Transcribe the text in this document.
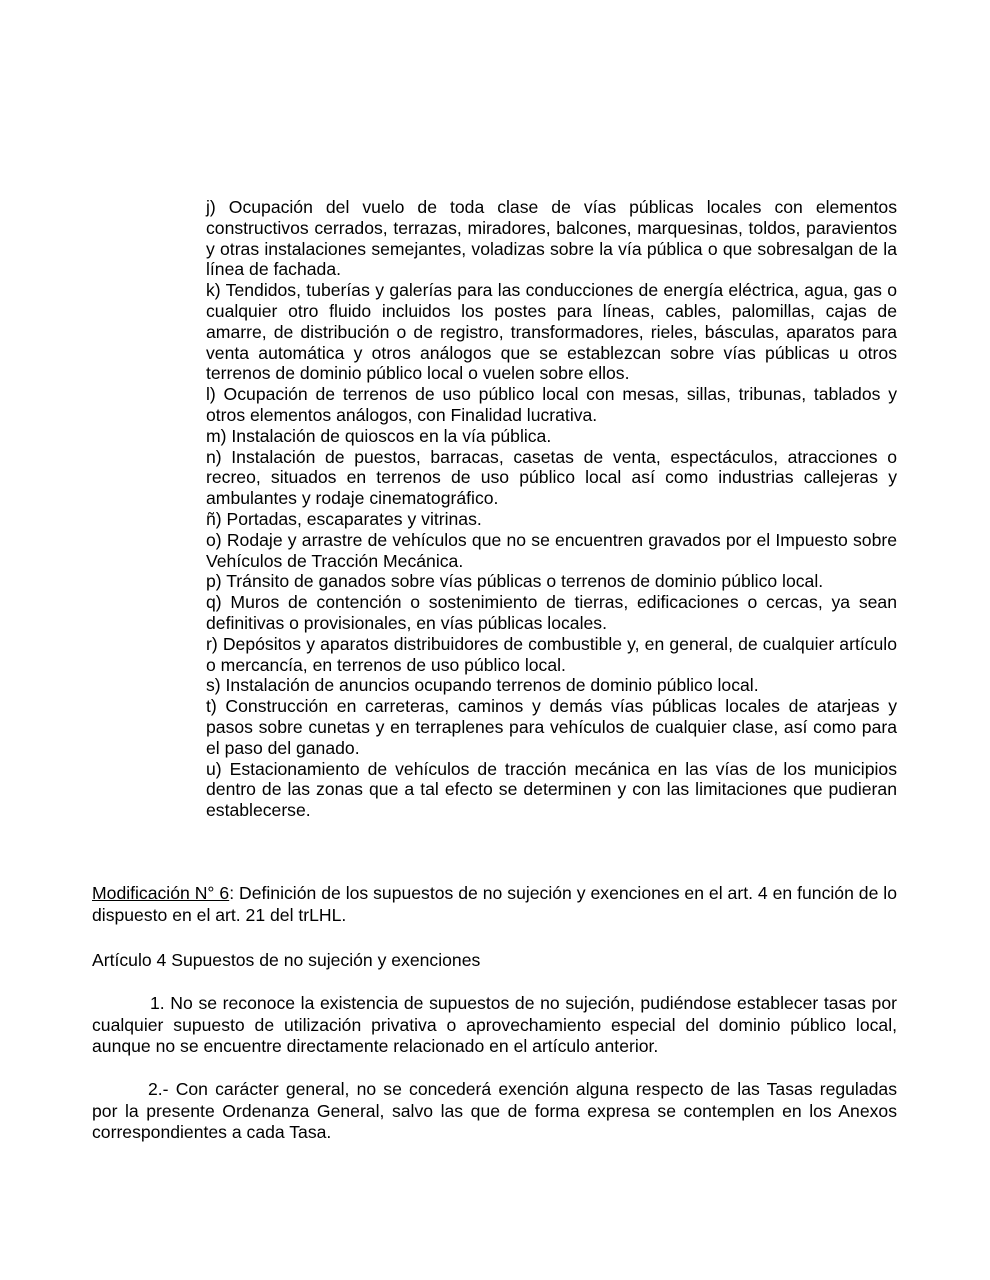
j) Ocupación del vuelo de toda clase de vías públicas locales con elementos constructivos cerrados, terrazas, miradores, balcones, marquesinas, toldos, paravientos y otras instalaciones semejantes, voladizas sobre la vía pública o que sobresalgan de la línea de fachada.

k) Tendidos, tuberías y galerías para las conducciones de energía eléctrica, agua, gas o cualquier otro fluido incluidos los postes para líneas, cables, palomillas, cajas de amarre, de distribución o de registro, transformadores, rieles, básculas, aparatos para venta automática y otros análogos que se establezcan sobre vías públicas u otros terrenos de dominio público local o vuelen sobre ellos.

l) Ocupación de terrenos de uso público local con mesas, sillas, tribunas, tablados y otros elementos análogos, con Finalidad lucrativa.

m) Instalación de quioscos en la vía pública.

n) Instalación de puestos, barracas, casetas de venta, espectáculos, atracciones o recreo, situados en terrenos de uso público local así como industrias callejeras y ambulantes y rodaje cinematográfico.

ñ) Portadas, escaparates y vitrinas.

o) Rodaje y arrastre de vehículos que no se encuentren gravados por el Impuesto sobre Vehículos de Tracción Mecánica.

p) Tránsito de ganados sobre vías públicas o terrenos de dominio público local.

q) Muros de contención o sostenimiento de tierras, edificaciones o cercas, ya sean definitivas o provisionales, en vías públicas locales.

r) Depósitos y aparatos distribuidores de combustible y, en general, de cualquier artículo o mercancía, en terrenos de uso público local.

s) Instalación de anuncios ocupando terrenos de dominio público local.

t) Construcción en carreteras, caminos y demás vías públicas locales de atarjeas y pasos sobre cunetas y en terraplenes para vehículos de cualquier clase, así como para el paso del ganado.

u) Estacionamiento de vehículos de tracción mecánica en las vías de los municipios dentro de las zonas que a tal efecto se determinen y con las limitaciones que pudieran establecerse.

Modificación N° 6: Definición de los supuestos de no sujeción y exenciones en el art. 4 en función de lo dispuesto en el art. 21 del trLHL.

Artículo 4 Supuestos de no sujeción y exenciones

1. No se reconoce la existencia de supuestos de no sujeción, pudiéndose establecer tasas por cualquier supuesto de utilización privativa o aprovechamiento especial del dominio público local, aunque no se encuentre directamente relacionado en el artículo anterior.

2.- Con carácter general, no se concederá exención alguna respecto de las Tasas reguladas por la presente Ordenanza General, salvo las que de forma expresa se contemplen en los Anexos correspondientes a cada Tasa.
